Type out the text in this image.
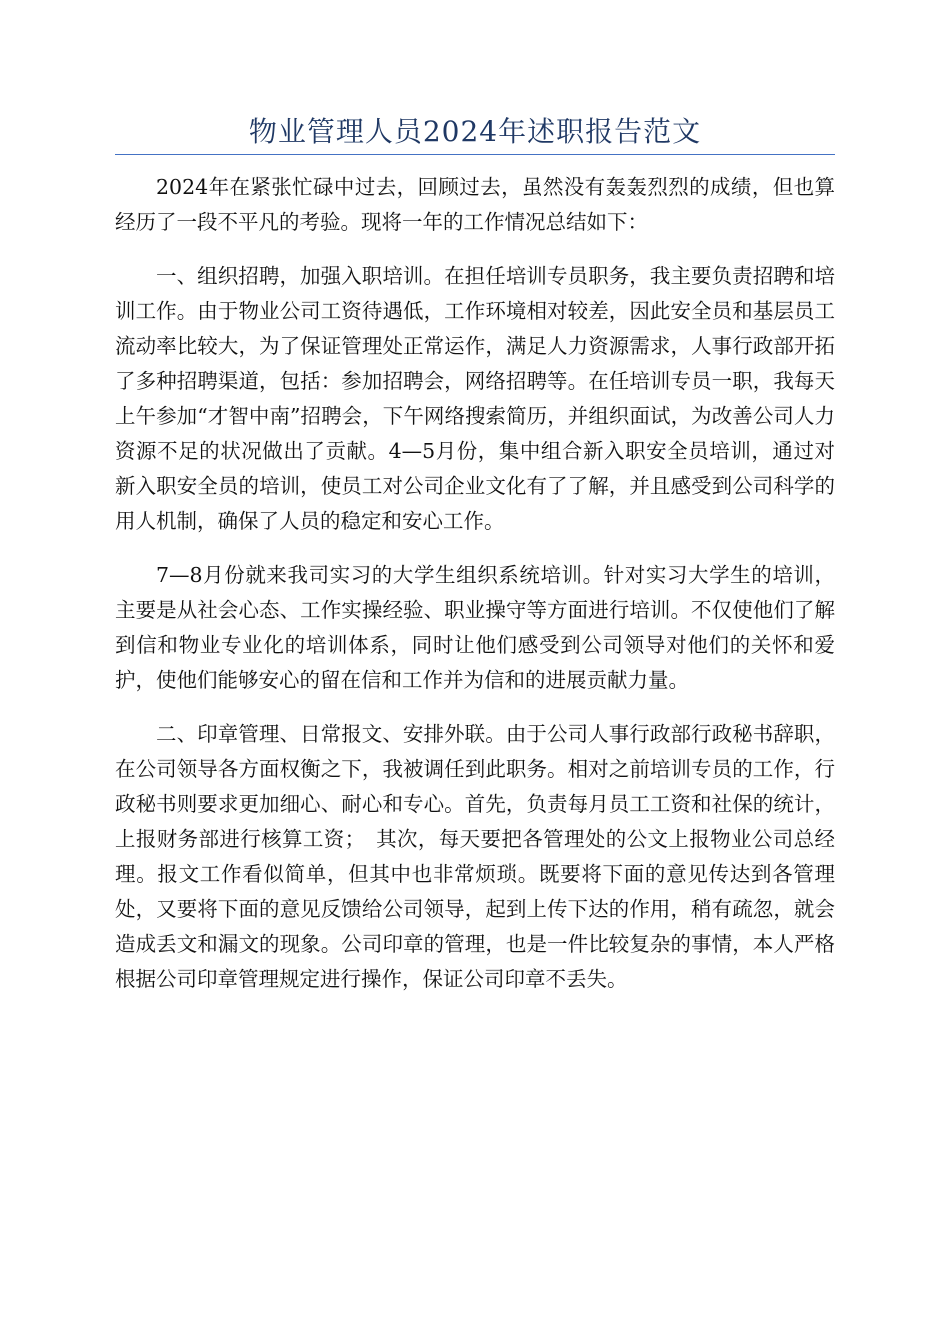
物业管理人员2024年述职报告范文

2024年在紧张忙碌中过去，回顾过去，虽然没有轰轰烈烈的成绩，但也算经历了一段不平凡的考验。现将一年的工作情况总结如下：

一、组织招聘，加强入职培训。在担任培训专员职务，我主要负责招聘和培训工作。由于物业公司工资待遇低，工作环境相对较差，因此安全员和基层员工流动率比较大，为了保证管理处正常运作，满足人力资源需求，人事行政部开拓了多种招聘渠道，包括：参加招聘会，网络招聘等。在任培训专员一职，我每天上午参加“才智中南”招聘会，下午网络搜索简历，并组织面试，为改善公司人力资源不足的状况做出了贡献。4—5月份，集中组合新入职安全员培训，通过对新入职安全员的培训，使员工对公司企业文化有了了解，并且感受到公司科学的用人机制，确保了人员的稳定和安心工作。

7—8月份就来我司实习的大学生组织系统培训。针对实习大学生的培训，主要是从社会心态、工作实操经验、职业操守等方面进行培训。不仅使他们了解到信和物业专业化的培训体系，同时让他们感受到公司领导对他们的关怀和爱护，使他们能够安心的留在信和工作并为信和的进展贡献力量。

二、印章管理、日常报文、安排外联。由于公司人事行政部行政秘书辞职，在公司领导各方面权衡之下，我被调任到此职务。相对之前培训专员的工作，行政秘书则要求更加细心、耐心和专心。首先，负责每月员工工资和社保的统计，上报财务部进行核算工资；　其次，每天要把各管理处的公文上报物业公司总经理。报文工作看似简单，但其中也非常烦琐。既要将下面的意见传达到各管理处，又要将下面的意见反馈给公司领导，起到上传下达的作用，稍有疏忽，就会造成丢文和漏文的现象。公司印章的管理，也是一件比较复杂的事情，本人严格根据公司印章管理规定进行操作，保证公司印章不丢失。
